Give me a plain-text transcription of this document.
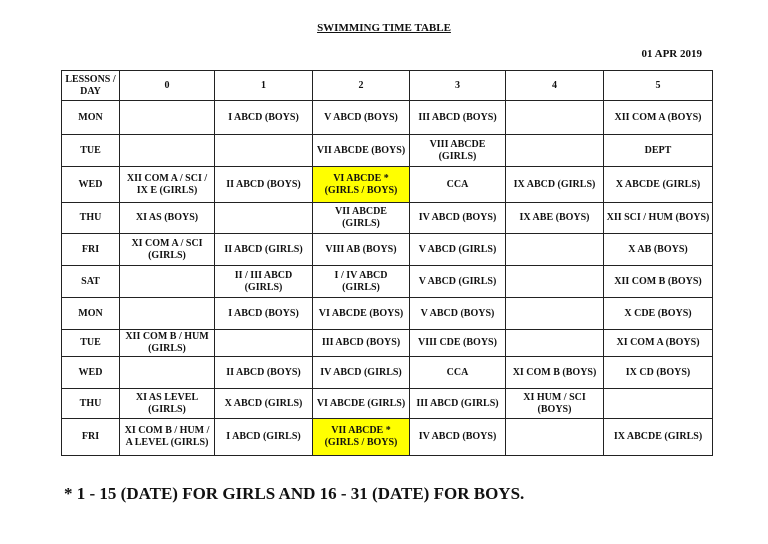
SWIMMING TIME TABLE
01 APR 2019
LESSONS / DAY	0	1	2	3	4	5
MON		I ABCD (BOYS)	V ABCD (BOYS)	III ABCD (BOYS)		XII COM A (BOYS)
TUE			VII ABCDE (BOYS)	VIII ABCDE (GIRLS)		DEPT
WED	XII COM A / SCI / IX E (GIRLS)	II ABCD (BOYS)	VI ABCDE * (GIRLS / BOYS)	CCA	IX ABCD (GIRLS)	X ABCDE (GIRLS)
THU	XI AS (BOYS)		VII ABCDE (GIRLS)	IV ABCD (BOYS)	IX ABE (BOYS)	XII SCI / HUM (BOYS)
FRI	XI COM A / SCI (GIRLS)	II ABCD (GIRLS)	VIII AB (BOYS)	V ABCD (GIRLS)		X AB (BOYS)
SAT		II / III ABCD (GIRLS)	I / IV ABCD (GIRLS)	V ABCD (GIRLS)		XII COM B (BOYS)
MON		I ABCD (BOYS)	VI ABCDE (BOYS)	V ABCD (BOYS)		X CDE (BOYS)
TUE	XII COM B / HUM (GIRLS)		III ABCD (BOYS)	VIII CDE (BOYS)		XI COM A (BOYS)
WED		II ABCD (BOYS)	IV ABCD (GIRLS)	CCA	XI COM B (BOYS)	IX CD (BOYS)
THU	XI AS LEVEL (GIRLS)	X ABCD (GIRLS)	VI ABCDE (GIRLS)	III ABCD (GIRLS)	XI HUM / SCI (BOYS)	
FRI	XI COM B / HUM / A LEVEL (GIRLS)	I ABCD (GIRLS)	VII ABCDE * (GIRLS / BOYS)	IV ABCD (BOYS)		IX ABCDE (GIRLS)
* 1 - 15 (DATE) FOR GIRLS AND 16 - 31 (DATE) FOR BOYS.
